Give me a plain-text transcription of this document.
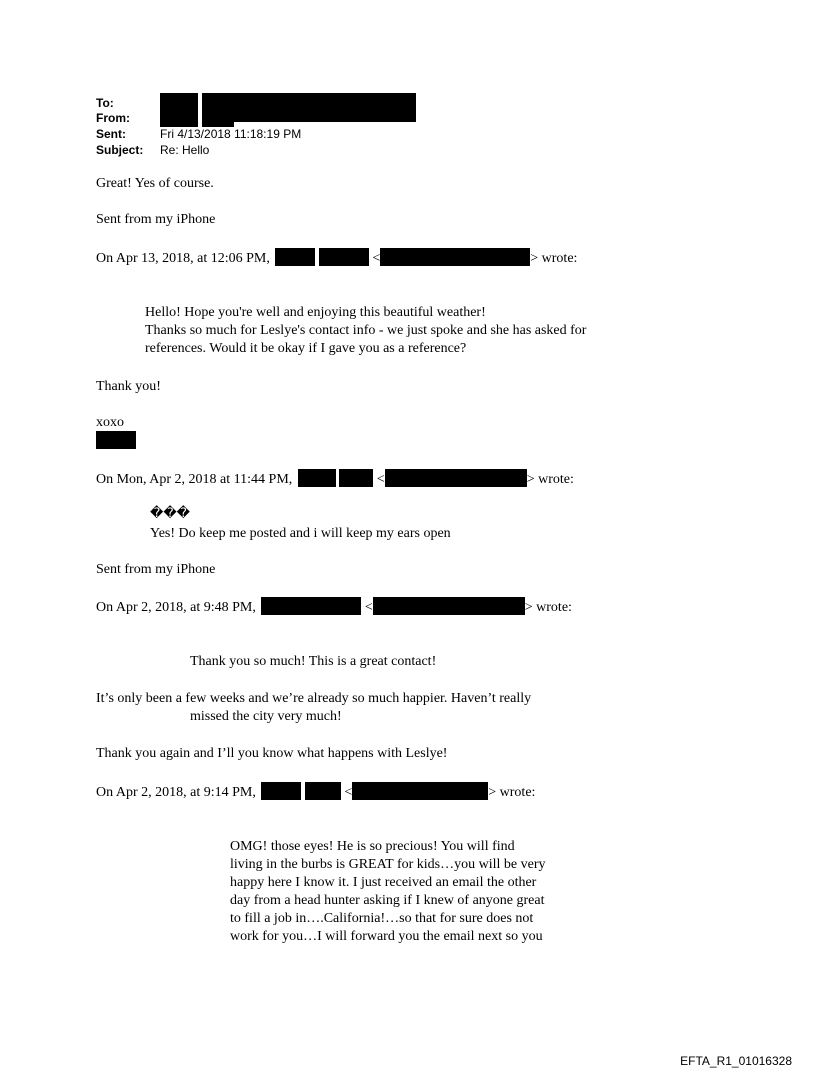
To:
From:
Sent:	Fri 4/13/2018 11:18:19 PM
Subject: Re: Hello
Great! Yes of course.
Sent from my iPhone
On Apr 13, 2018, at 12:06 PM,	<	> wrote:
Hello! Hope you're well and enjoying this beautiful weather!
Thanks so much for Leslye's contact info - we just spoke and she has asked for
references. Would it be okay if I gave you as a reference?
Thank you!
xoxo
On Mon, Apr 2, 2018 at 11:44 PM,	<	> wrote:
���
Yes! Do keep me posted and i will keep my ears open
Sent from my iPhone
On Apr 2, 2018, at 9:48 PM,	<	> wrote:
Thank you so much! This is a great contact!
It’s only been a few weeks and we’re already so much happier. Haven’t really
missed the city very much!
Thank you again and I’ll you know what happens with Leslye!
On Apr 2, 2018, at 9:14 PM,	<	> wrote:
OMG! those eyes! He is so precious! You will find
living in the burbs is GREAT for kids…you will be very
happy here I know it. I just received an email the other
day from a head hunter asking if I knew of anyone great
to fill a job in….California!…so that for sure does not
work for you…I will forward you the email next so you
EFTA_R1_01016328
